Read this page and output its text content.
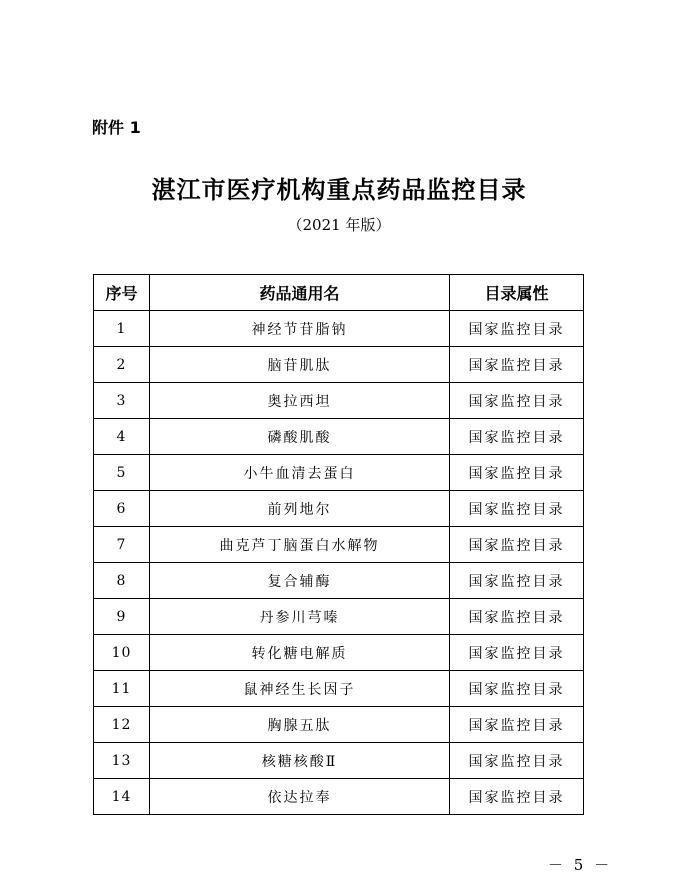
附件 1
湛江市医疗机构重点药品监控目录
（2021 年版）
序号	药品通用名	目录属性
1	神经节苷脂钠	国家监控目录
2	脑苷肌肽	国家监控目录
3	奥拉西坦	国家监控目录
4	磷酸肌酸	国家监控目录
5	小牛血清去蛋白	国家监控目录
6	前列地尔	国家监控目录
7	曲克芦丁脑蛋白水解物	国家监控目录
8	复合辅酶	国家监控目录
9	丹参川芎嗪	国家监控目录
10	转化糖电解质	国家监控目录
11	鼠神经生长因子	国家监控目录
12	胸腺五肽	国家监控目录
13	核糖核酸Ⅱ	国家监控目录
14	依达拉奉	国家监控目录
－ 5 －
